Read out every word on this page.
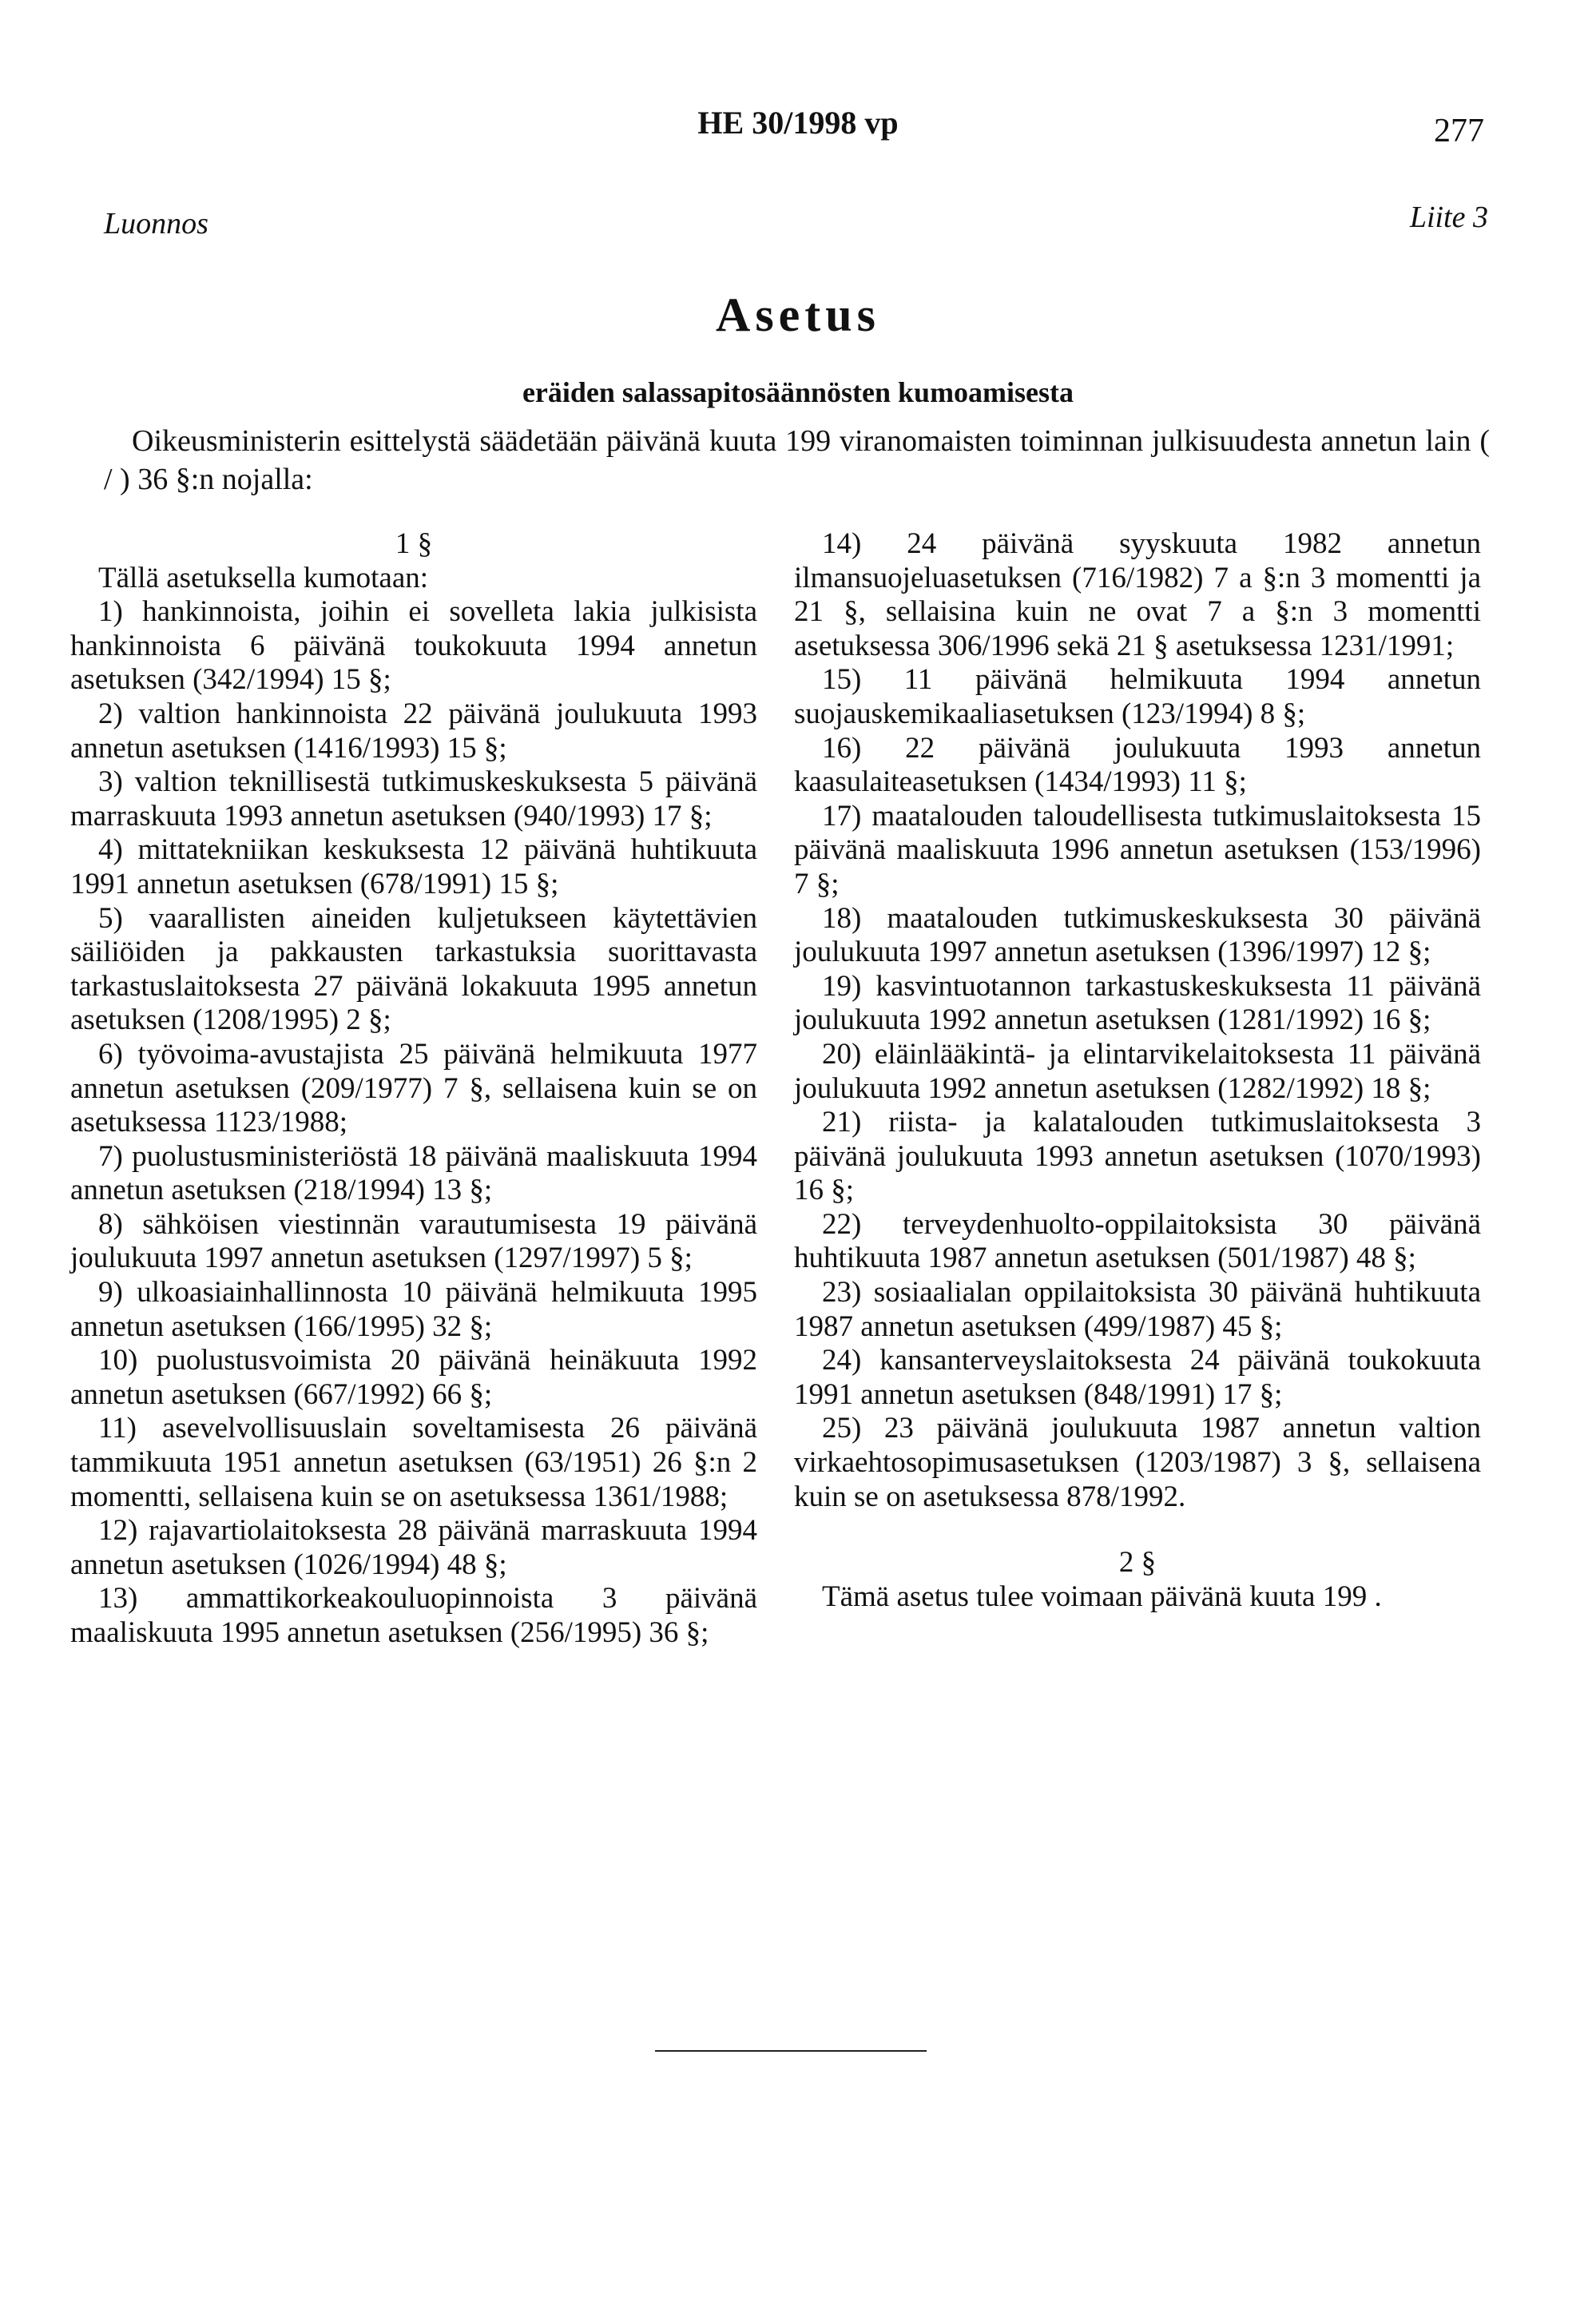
HE 30/1998 vp	277
Luonnos	Liite 3
Asetus
eräiden salassapitosäännösten kumoamisesta
Oikeusministerin esittelystä säädetään päivänä kuuta 199 viranomaisten toiminnan julkisuudesta annetun lain ( / ) 36 §:n nojalla:

1 §

Tällä asetuksella kumotaan:

1) hankinnoista, joihin ei sovelleta lakia julkisista hankinnoista 6 päivänä toukokuuta 1994 annetun asetuksen (342/1994) 15 §;

2) valtion hankinnoista 22 päivänä joulukuuta 1993 annetun asetuksen (1416/1993) 15 §;

3) valtion teknillisestä tutkimuskeskuksesta 5 päivänä marraskuuta 1993 annetun asetuksen (940/1993) 17 §;

4) mittatekniikan keskuksesta 12 päivänä huhtikuuta 1991 annetun asetuksen (678/1991) 15 §;

5) vaarallisten aineiden kuljetukseen käytettävien säiliöiden ja pakkausten tarkastuksia suorittavasta tarkastuslaitoksesta 27 päivänä lokakuuta 1995 annetun asetuksen (1208/1995) 2 §;

6) työvoima-avustajista 25 päivänä helmikuuta 1977 annetun asetuksen (209/1977) 7 §, sellaisena kuin se on asetuksessa 1123/1988;

7) puolustusministeriöstä 18 päivänä maaliskuuta 1994 annetun asetuksen (218/1994) 13 §;

8) sähköisen viestinnän varautumisesta 19 päivänä joulukuuta 1997 annetun asetuksen (1297/1997) 5 §;

9) ulkoasiainhallinnosta 10 päivänä helmikuuta 1995 annetun asetuksen (166/1995) 32 §;

10) puolustusvoimista 20 päivänä heinäkuuta 1992 annetun asetuksen (667/1992) 66 §;

11) asevelvollisuuslain soveltamisesta 26 päivänä tammikuuta 1951 annetun asetuksen (63/1951) 26 §:n 2 momentti, sellaisena kuin se on asetuksessa 1361/1988;

12) rajavartiolaitoksesta 28 päivänä marraskuuta 1994 annetun asetuksen (1026/1994) 48 §;

13) ammattikorkeakouluopinnoista 3 päivänä maaliskuuta 1995 annetun asetuksen (256/1995) 36 §;

14) 24 päivänä syyskuuta 1982 annetun ilmansuojeluasetuksen (716/1982) 7 a §:n 3 momentti ja 21 §, sellaisina kuin ne ovat 7 a §:n 3 momentti asetuksessa 306/1996 sekä 21 § asetuksessa 1231/1991;

15) 11 päivänä helmikuuta 1994 annetun suojauskemikaaliasetuksen (123/1994) 8 §;

16) 22 päivänä joulukuuta 1993 annetun kaasulaiteasetuksen (1434/1993) 11 §;

17) maatalouden taloudellisesta tutkimuslaitoksesta 15 päivänä maaliskuuta 1996 annetun asetuksen (153/1996) 7 §;

18) maatalouden tutkimuskeskuksesta 30 päivänä joulukuuta 1997 annetun asetuksen (1396/1997) 12 §;

19) kasvintuotannon tarkastuskeskuksesta 11 päivänä joulukuuta 1992 annetun asetuksen (1281/1992) 16 §;

20) eläinlääkintä- ja elintarvikelaitoksesta 11 päivänä joulukuuta 1992 annetun asetuksen (1282/1992) 18 §;

21) riista- ja kalatalouden tutkimuslaitoksesta 3 päivänä joulukuuta 1993 annetun asetuksen (1070/1993) 16 §;

22) terveydenhuolto-oppilaitoksista 30 päivänä huhtikuuta 1987 annetun asetuksen (501/1987) 48 §;

23) sosiaalialan oppilaitoksista 30 päivänä huhtikuuta 1987 annetun asetuksen (499/1987) 45 §;

24) kansanterveyslaitoksesta 24 päivänä toukokuuta 1991 annetun asetuksen (848/1991) 17 §;

25) 23 päivänä joulukuuta 1987 annetun valtion virkaehtosopimusasetuksen (1203/1987) 3 §, sellaisena kuin se on asetuksessa 878/1992.

2 §

Tämä asetus tulee voimaan päivänä kuuta 199 .
